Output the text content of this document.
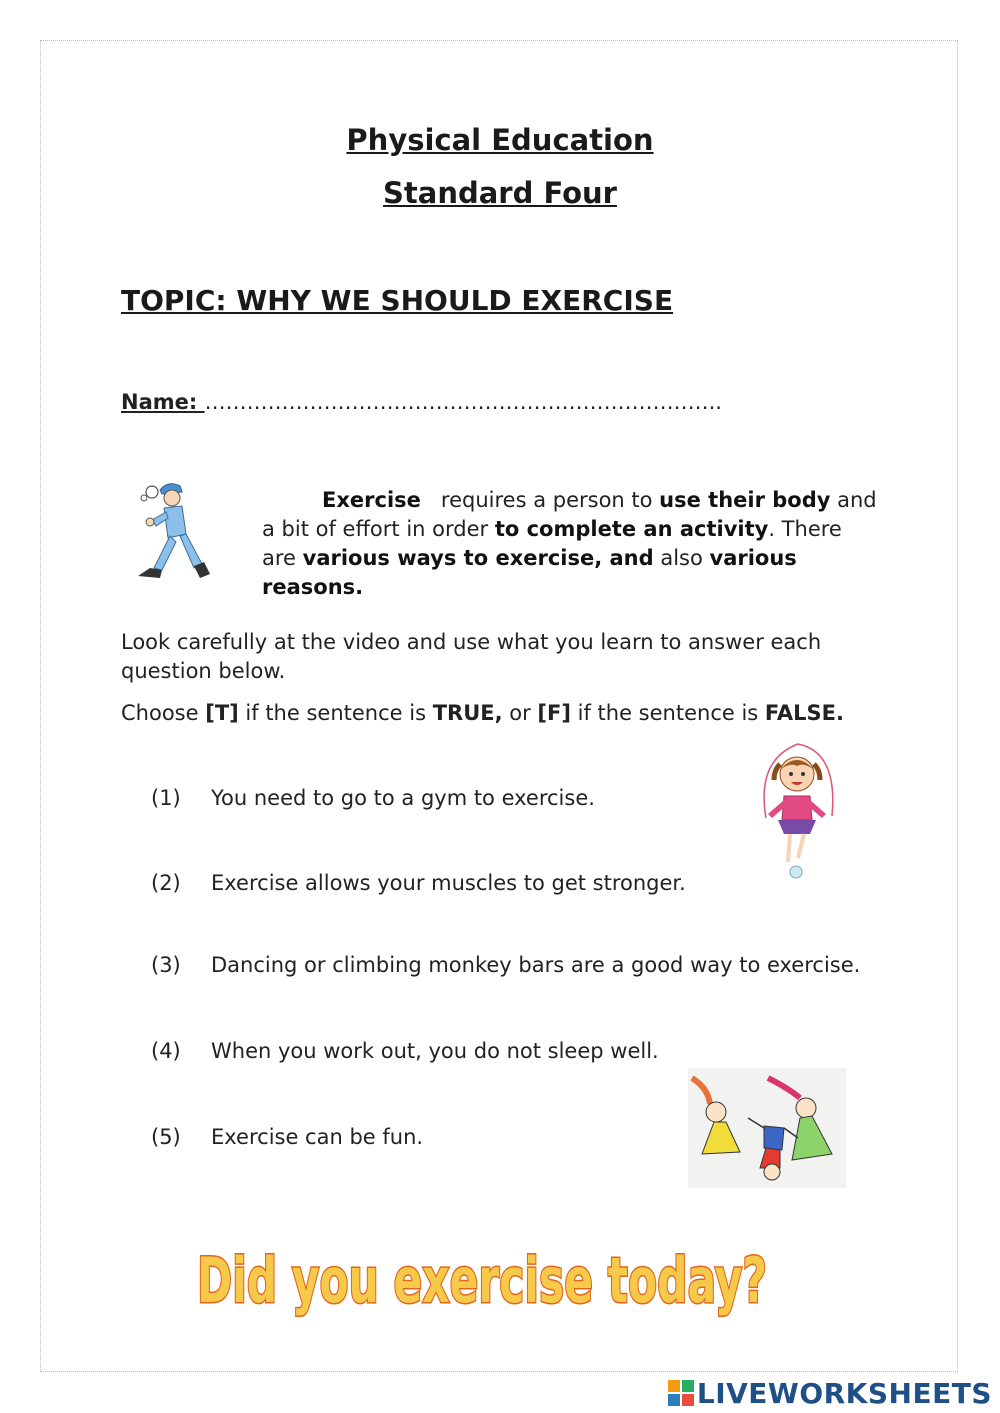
Physical Education
Standard Four
TOPIC: WHY WE SHOULD EXERCISE
Name: ………………………………………………………………..
Exercise requires a person to use their body and a bit of effort in order to complete an activity. There are various ways to exercise, and also various reasons.
Look carefully at the video and use what you learn to answer each question below.
Choose [T] if the sentence is TRUE, or [F] if the sentence is FALSE.
(1) You need to go to a gym to exercise.
(2) Exercise allows your muscles to get stronger.
(3) Dancing or climbing monkey bars are a good way to exercise.
(4) When you work out, you do not sleep well.
(5) Exercise can be fun.
Did you exercise today?
LIVEWORKSHEETS
